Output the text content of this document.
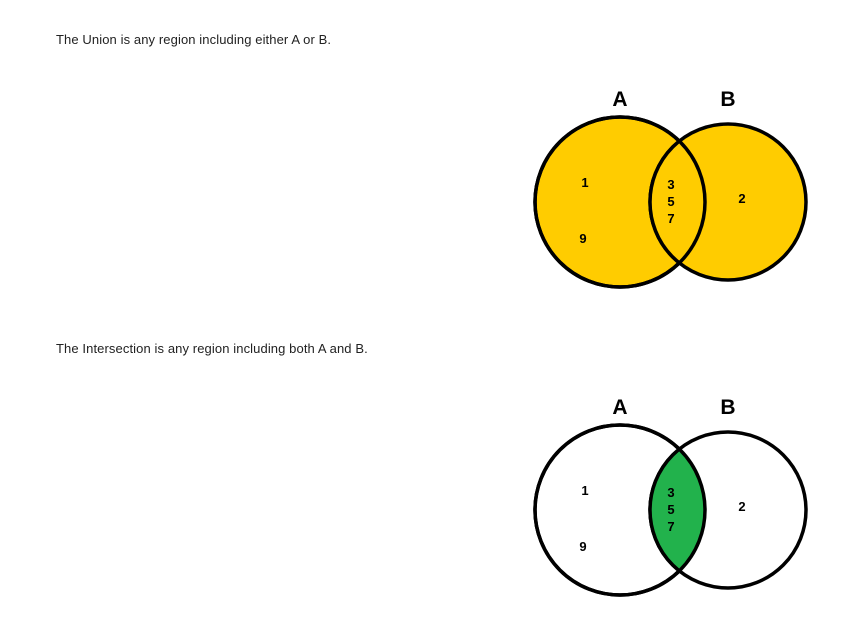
The Union is any region including either A or B.
A	B
1
9
3
5
7
2
The Intersection is any region including both A and B.
A	B
1
9
3
5
7
2
